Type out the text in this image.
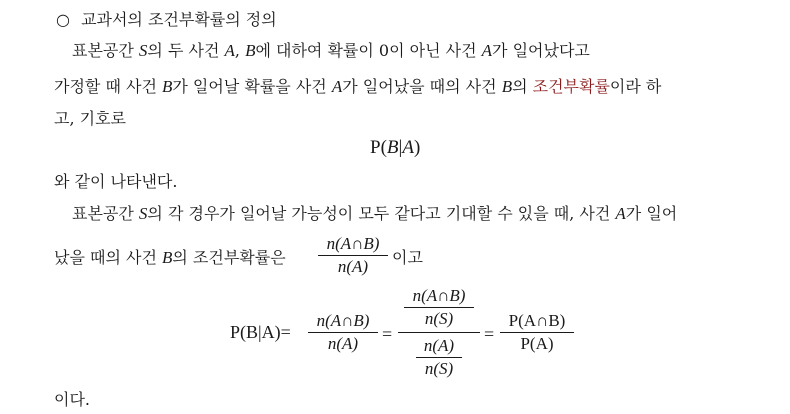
○ 교과서의 조건부확률의 정의
표본공간 S의 두 사건 A, B에 대하여 확률이 0이 아닌 사건 A가 일어났다고
가정할 때 사건 B가 일어날 확률을 사건 A가 일어났을 때의 사건 B의 조건부확률이라 하
고, 기호로
P(B|A)
와 같이 나타낸다.
표본공간 S의 각 경우가 일어날 가능성이 모두 같다고 기대할 수 있을 때, 사건 A가 일어
났을 때의 사건 B의 조건부확률은
n(A∩B)
n(A)	이고
P(B|A)=
n(A∩B)
n(A)	=
n(A∩B)
n(S)
n(A)
n(S)
=
P(A∩B)
P(A)
이다.
